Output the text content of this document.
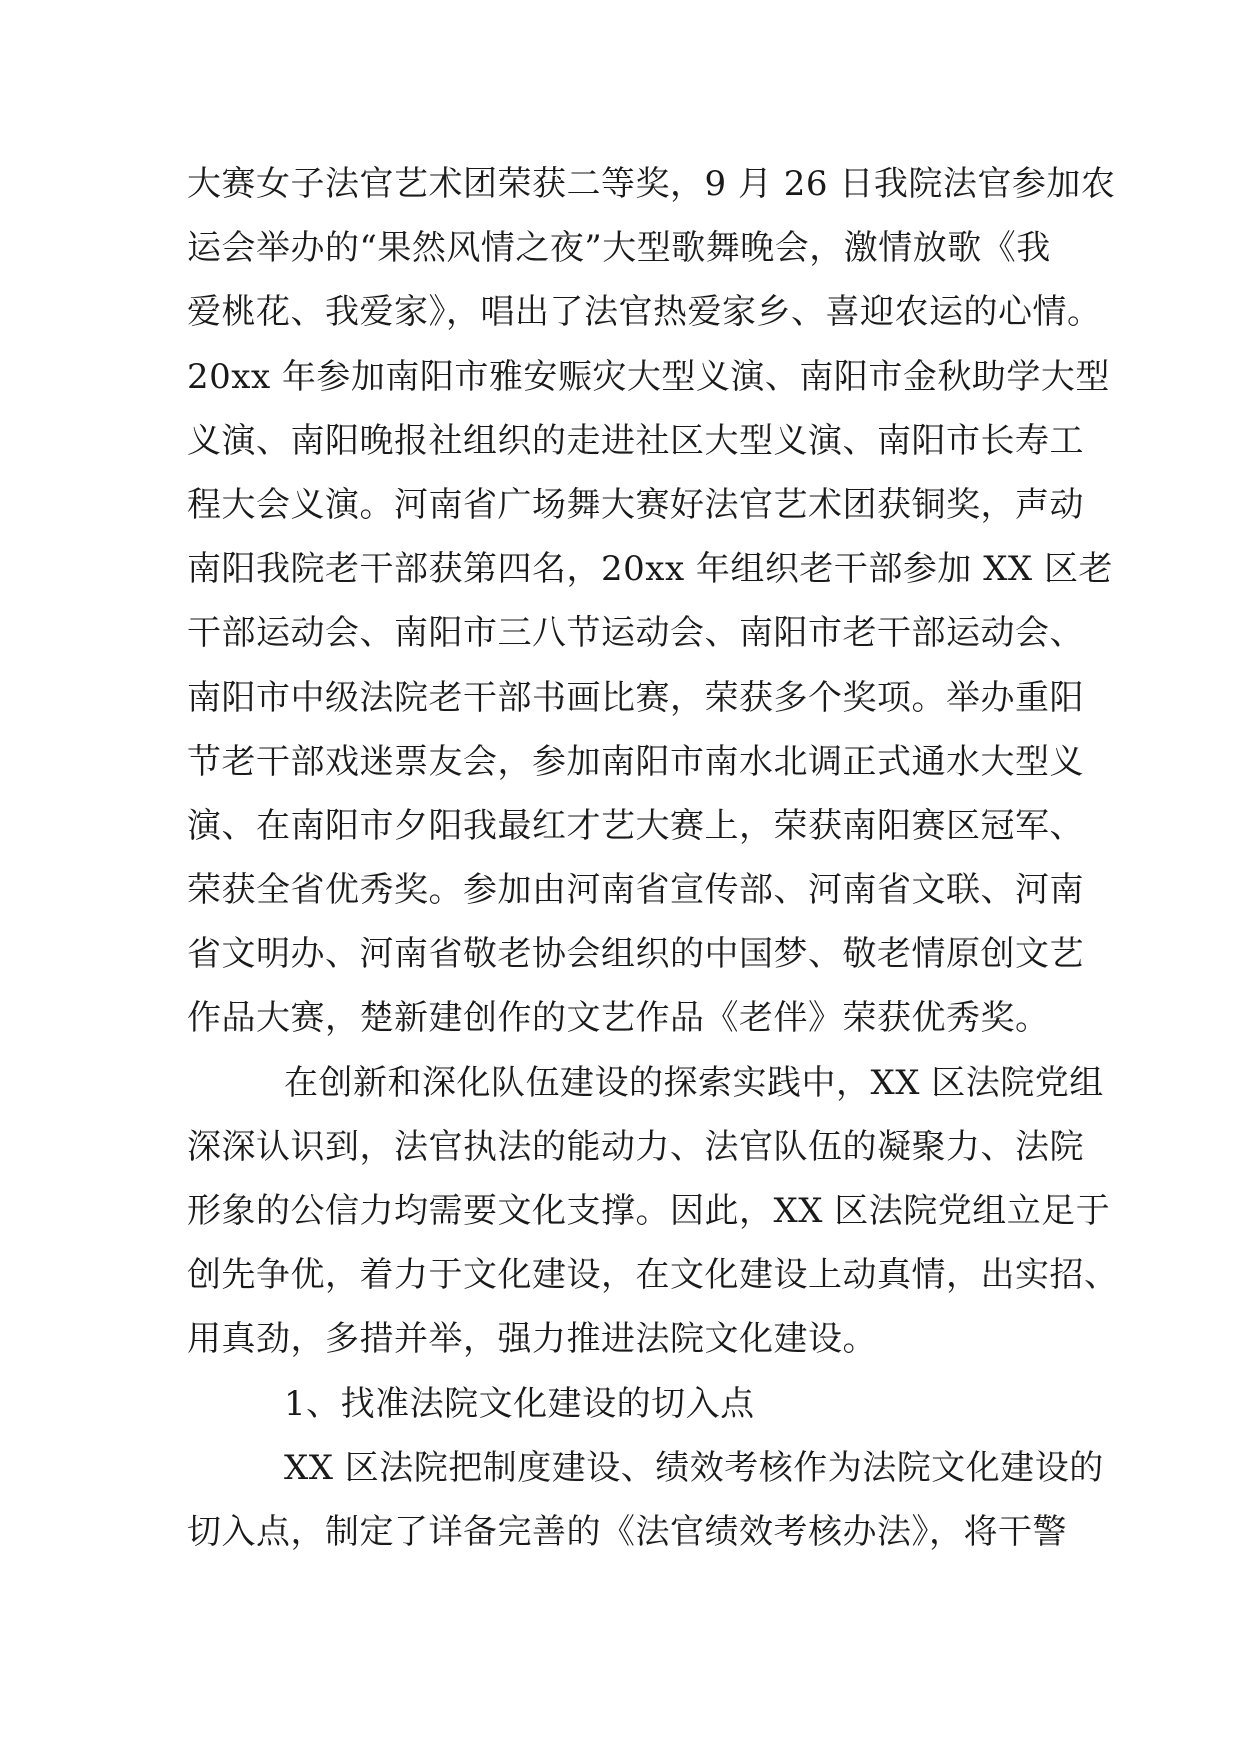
大赛女子法官艺术团荣获二等奖，9 月 26 日我院法官参加农
运会举办的“果然风情之夜”大型歌舞晚会，激情放歌《我
爱桃花、我爱家》，唱出了法官热爱家乡、喜迎农运的心情。
20xx 年参加南阳市雅安赈灾大型义演、南阳市金秋助学大型
义演、南阳晚报社组织的走进社区大型义演、南阳市长寿工
程大会义演。河南省广场舞大赛好法官艺术团获铜奖，声动
南阳我院老干部获第四名，20xx 年组织老干部参加 XX 区老
干部运动会、南阳市三八节运动会、南阳市老干部运动会、
南阳市中级法院老干部书画比赛，荣获多个奖项。举办重阳
节老干部戏迷票友会，参加南阳市南水北调正式通水大型义
演、在南阳市夕阳我最红才艺大赛上，荣获南阳赛区冠军、
荣获全省优秀奖。参加由河南省宣传部、河南省文联、河南
省文明办、河南省敬老协会组织的中国梦、敬老情原创文艺
作品大赛，楚新建创作的文艺作品《老伴》荣获优秀奖。
在创新和深化队伍建设的探索实践中，XX 区法院党组
深深认识到，法官执法的能动力、法官队伍的凝聚力、法院
形象的公信力均需要文化支撑。因此，XX 区法院党组立足于
创先争优，着力于文化建设，在文化建设上动真情，出实招、
用真劲，多措并举，强力推进法院文化建设。
1、找准法院文化建设的切入点
XX 区法院把制度建设、绩效考核作为法院文化建设的
切入点，制定了详备完善的《法官绩效考核办法》，将干警
